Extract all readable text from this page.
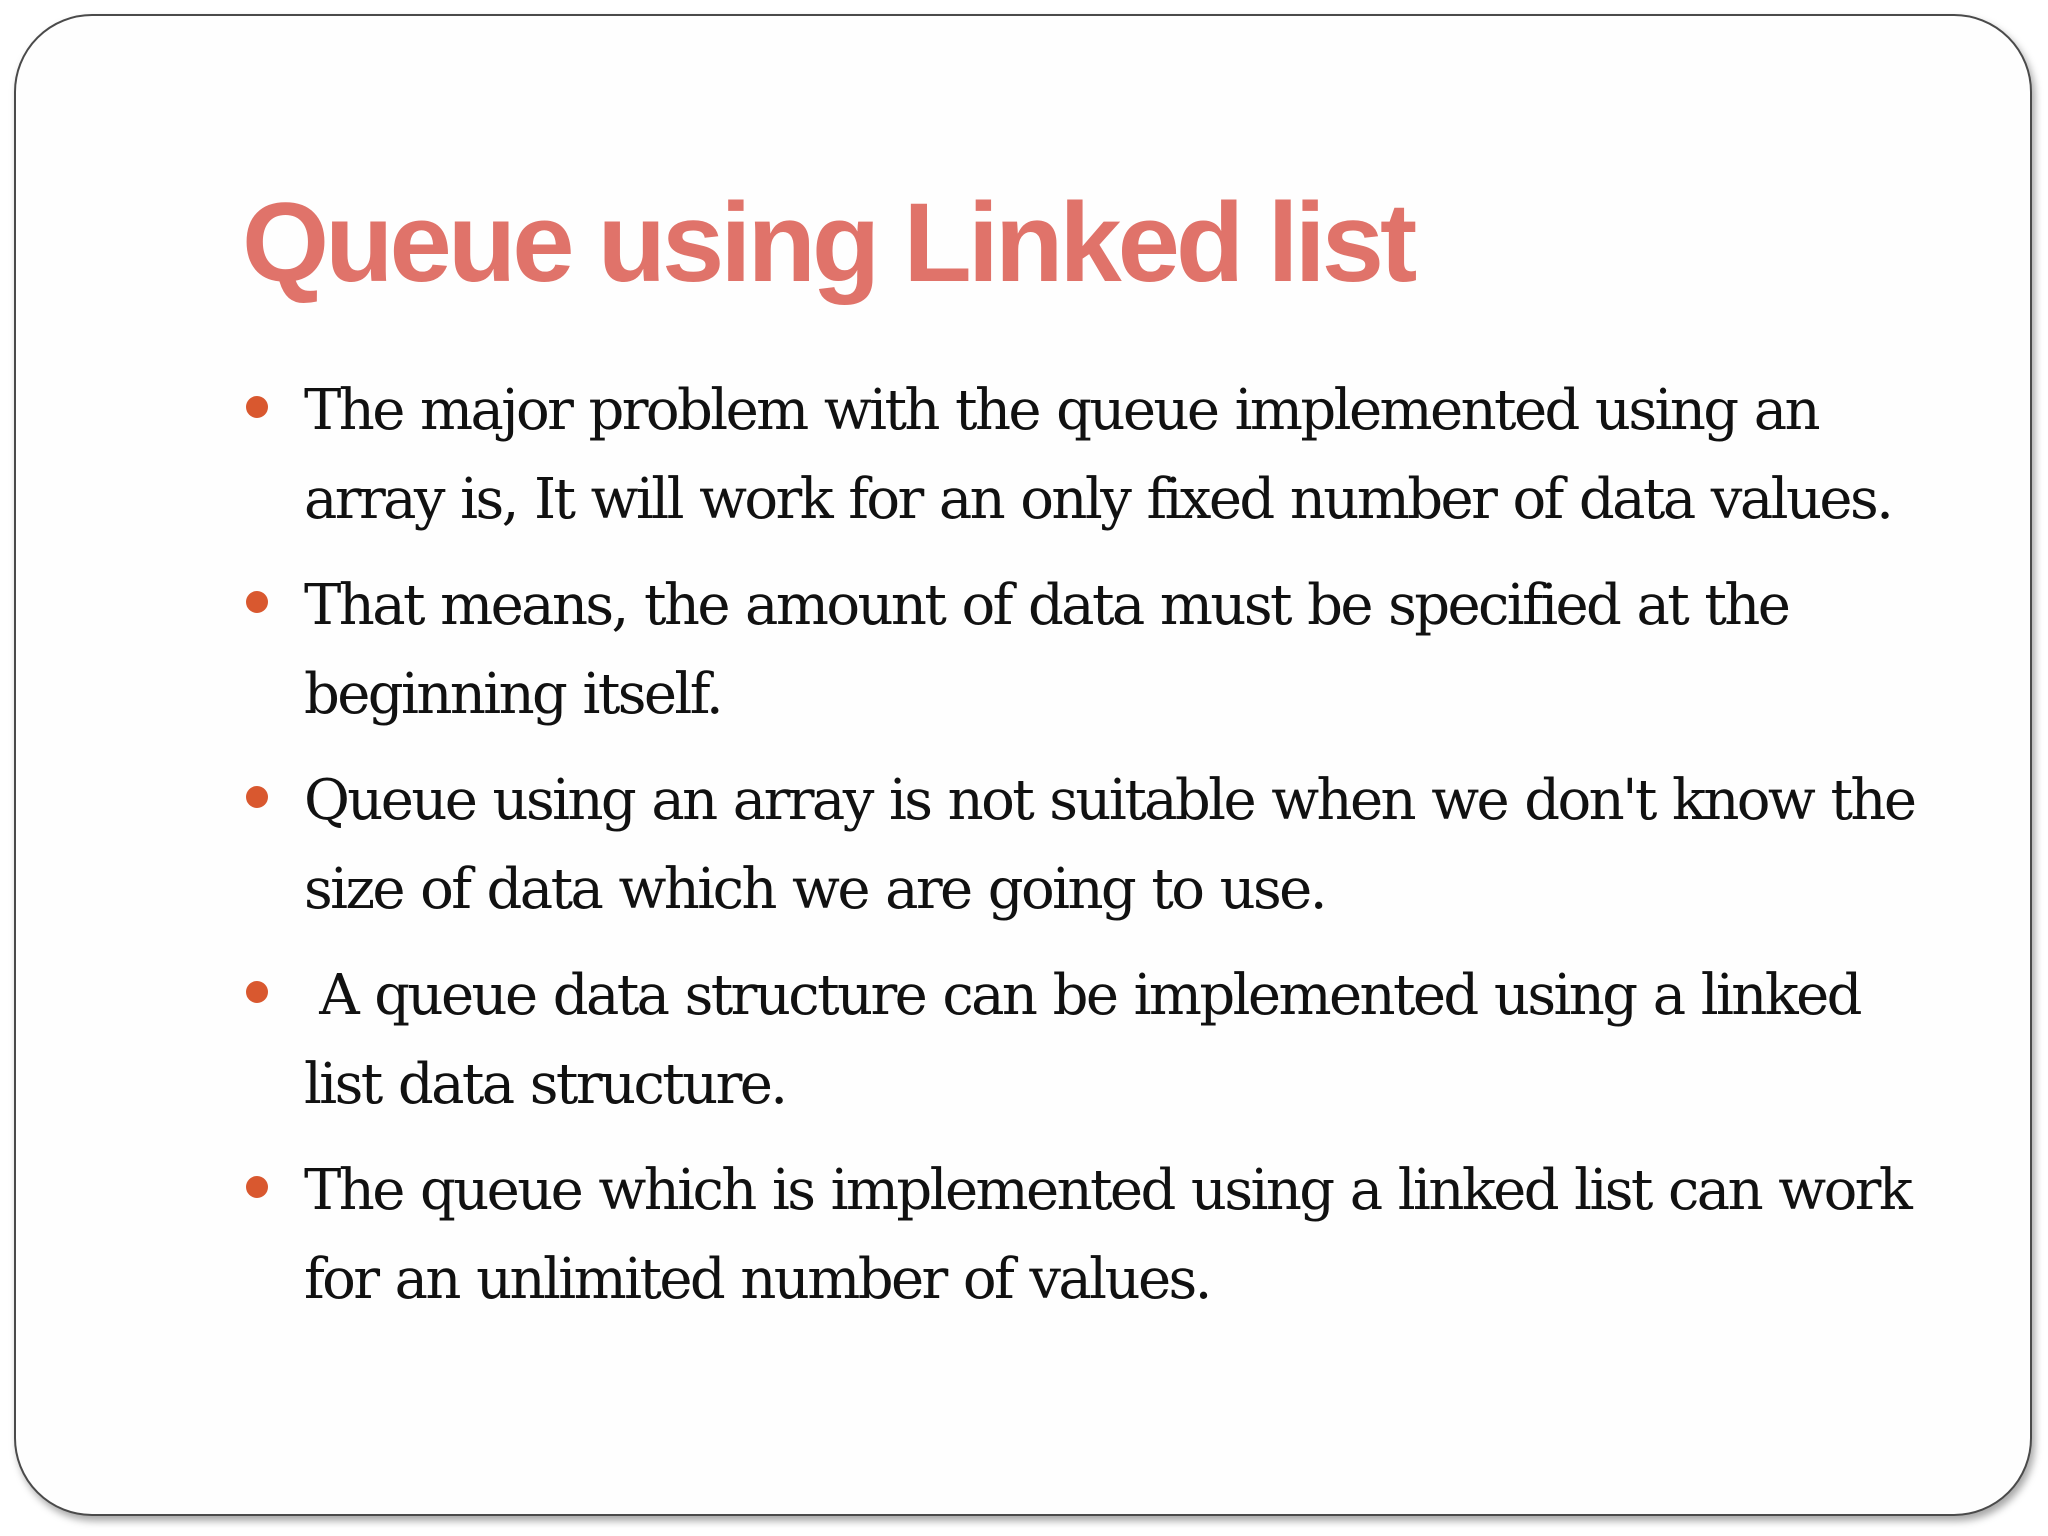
Queue using Linked list
The major problem with the queue implemented using an array is, It will work for an only fixed number of data values.
That means, the amount of data must be specified at the beginning itself.
Queue using an array is not suitable when we don't know the size of data which we are going to use.
A queue data structure can be implemented using a linked list data structure.
The queue which is implemented using a linked list can work for an unlimited number of values.
